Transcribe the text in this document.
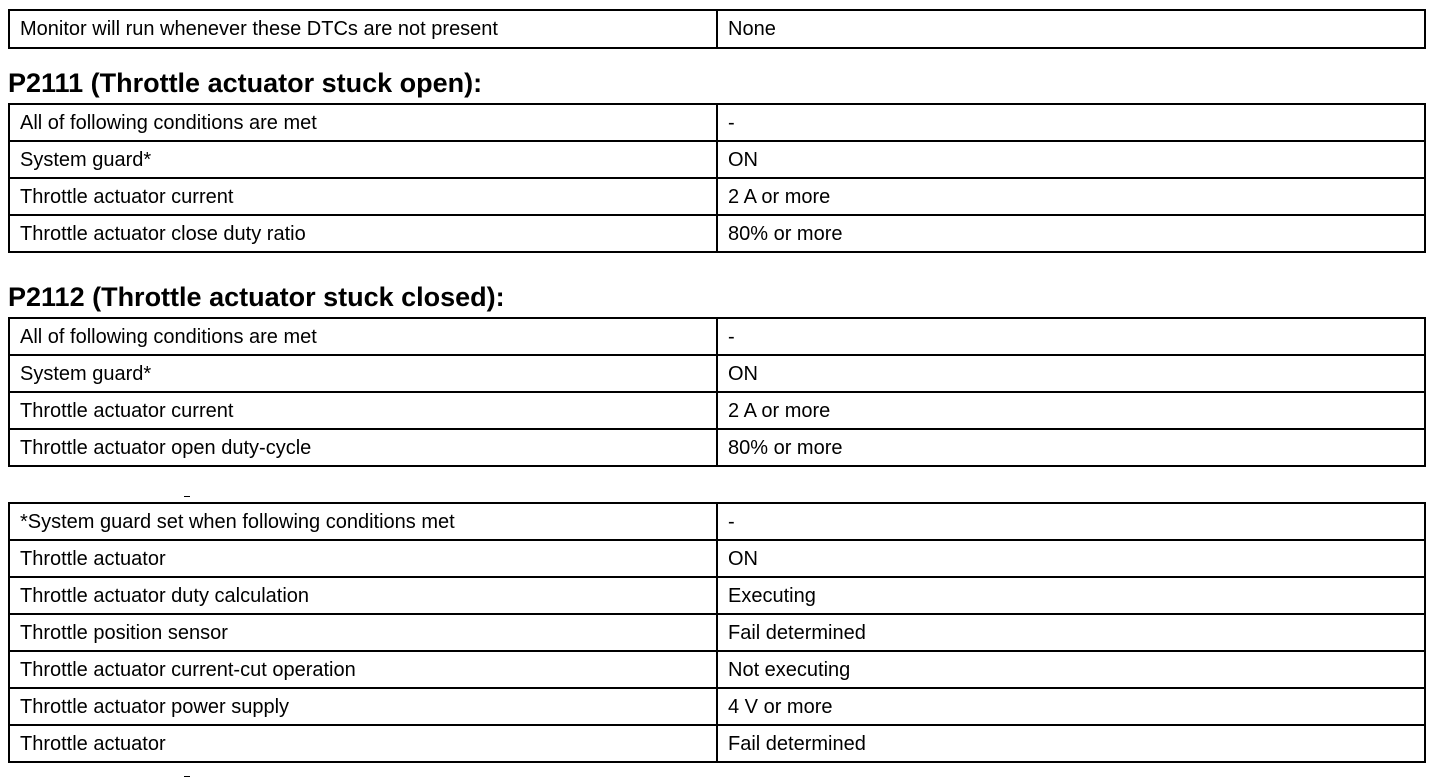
Monitor will run whenever these DTCs are not present	None
P2111 (Throttle actuator stuck open):
All of following conditions are met	-
System guard*	ON
Throttle actuator current	2 A or more
Throttle actuator close duty ratio	80% or more
P2112 (Throttle actuator stuck closed):
All of following conditions are met	-
System guard*	ON
Throttle actuator current	2 A or more
Throttle actuator open duty-cycle	80% or more
*System guard set when following conditions met	-
Throttle actuator	ON
Throttle actuator duty calculation	Executing
Throttle position sensor	Fail determined
Throttle actuator current-cut operation	Not executing
Throttle actuator power supply	4 V or more
Throttle actuator	Fail determined
